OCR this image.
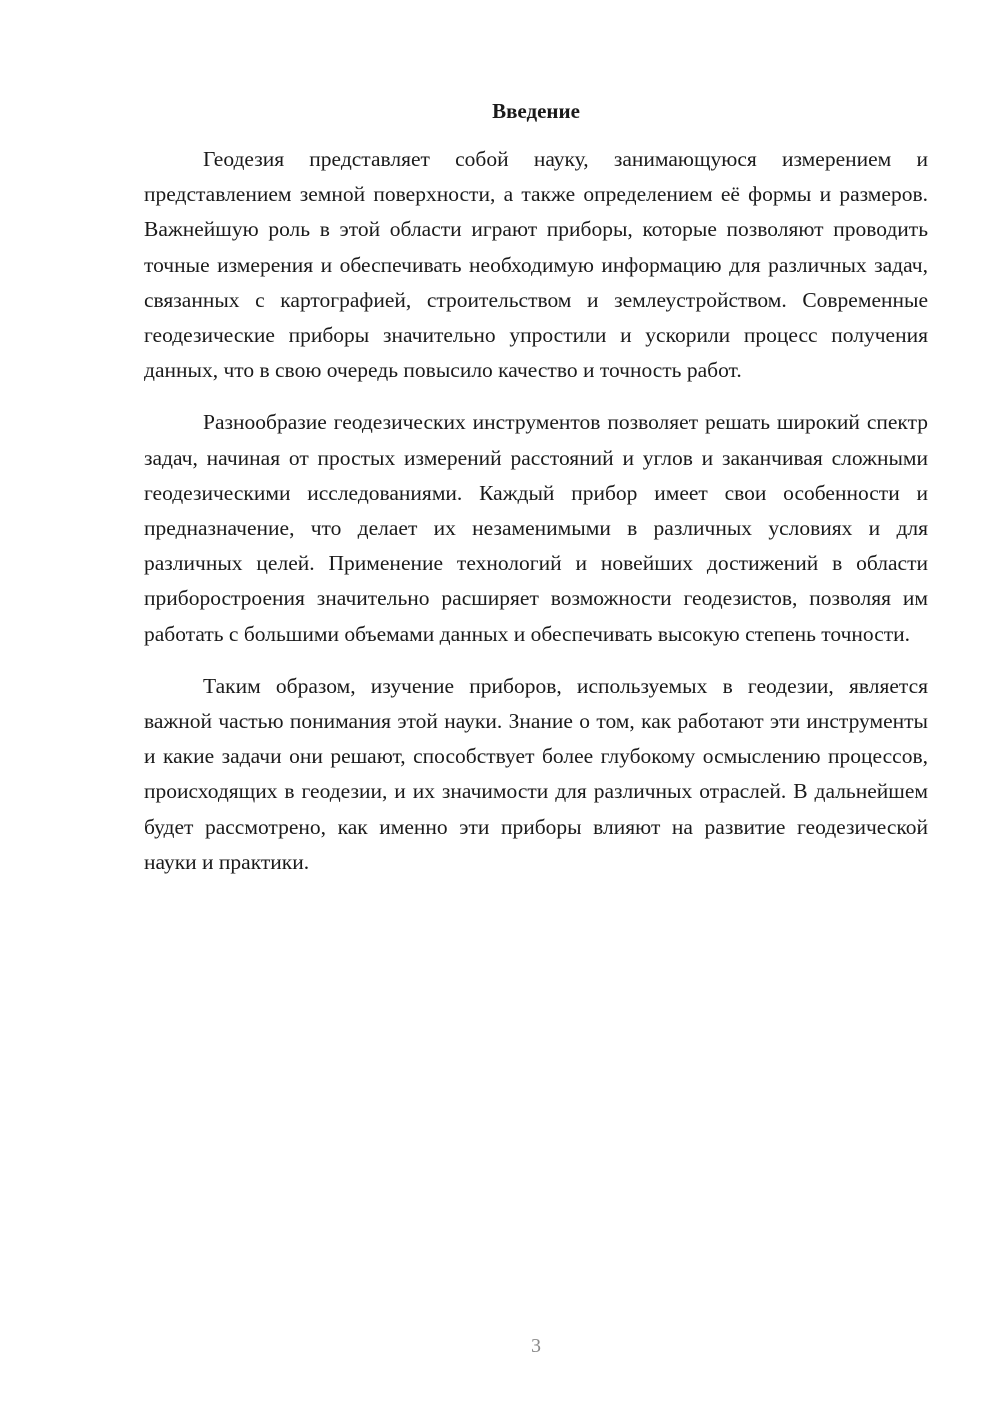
Введение

Геодезия представляет собой науку, занимающуюся измерением и представлением земной поверхности, а также определением её формы и размеров. Важнейшую роль в этой области играют приборы, которые позволяют проводить точные измерения и обеспечивать необходимую информацию для различных задач, связанных с картографией, строительством и землеустройством. Современные геодезические приборы значительно упростили и ускорили процесс получения данных, что в свою очередь повысило качество и точность работ.

Разнообразие геодезических инструментов позволяет решать широкий спектр задач, начиная от простых измерений расстояний и углов и заканчивая сложными геодезическими исследованиями. Каждый прибор имеет свои особенности и предназначение, что делает их незаменимыми в различных условиях и для различных целей. Применение технологий и новейших достижений в области приборостроения значительно расширяет возможности геодезистов, позволяя им работать с большими объемами данных и обеспечивать высокую степень точности.

Таким образом, изучение приборов, используемых в геодезии, является важной частью понимания этой науки. Знание о том, как работают эти инструменты и какие задачи они решают, способствует более глубокому осмыслению процессов, происходящих в геодезии, и их значимости для различных отраслей. В дальнейшем будет рассмотрено, как именно эти приборы влияют на развитие геодезической науки и практики.

3
